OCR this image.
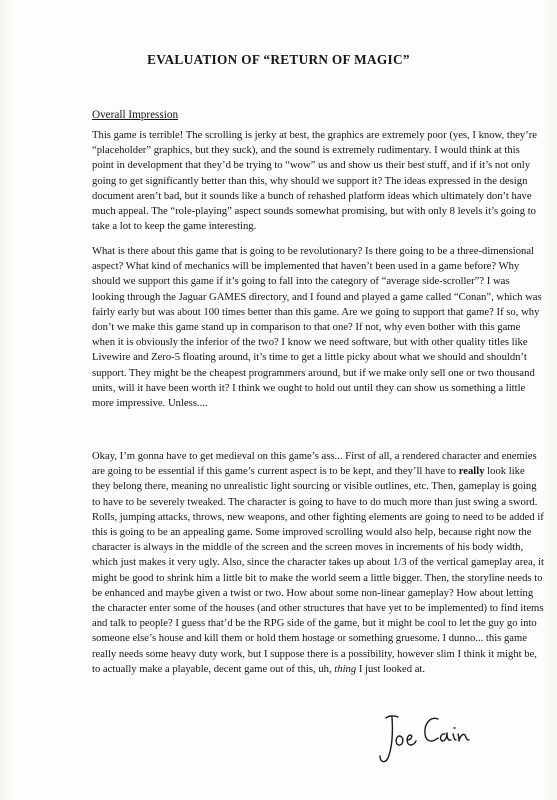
EVALUATION OF “RETURN OF MAGIC”
Overall Impression

This game is terrible! The scrolling is jerky at best, the graphics are extremely poor (yes, I know, they’re “placeholder” graphics, but they suck), and the sound is extremely rudimentary. I would think at this point in development that they’d be trying to “wow” us and show us their best stuff, and if it’s not only going to get significantly better than this, why should we support it? The ideas expressed in the design document aren’t bad, but it sounds like a bunch of rehashed platform ideas which ultimately don’t have much appeal. The “role-playing” aspect sounds somewhat promising, but with only 8 levels it’s going to take a lot to keep the game interesting.

What is there about this game that is going to be revolutionary? Is there going to be a three-dimensional aspect? What kind of mechanics will be implemented that haven’t been used in a game before? Why should we support this game if it’s going to fall into the category of “average side-scroller”? I was looking through the Jaguar GAMES directory, and I found and played a game called “Conan”, which was fairly early but was about 100 times better than this game. Are we going to support that game? If so, why don’t we make this game stand up in comparison to that one? If not, why even bother with this game when it is obviously the inferior of the two? I know we need software, but with other quality titles like Livewire and Zero-5 floating around, it’s time to get a little picky about what we should and shouldn’t support. They might be the cheapest programmers around, but if we make only sell one or two thousand units, will it have been worth it? I think we ought to hold out until they can show us something a little more impressive. Unless....

Okay, I’m gonna have to get medieval on this game’s ass... First of all, a rendered character and enemies are going to be essential if this game’s current aspect is to be kept, and they’ll have to really look like they belong there, meaning no unrealistic light sourcing or visible outlines, etc. Then, gameplay is going to have to be severely tweaked. The character is going to have to do much more than just swing a sword. Rolls, jumping attacks, throws, new weapons, and other fighting elements are going to need to be added if this is going to be an appealing game. Some improved scrolling would also help, because right now the character is always in the middle of the screen and the screen moves in increments of his body width, which just makes it very ugly. Also, since the character takes up about 1/3 of the vertical gameplay area, it might be good to shrink him a little bit to make the world seem a little bigger. Then, the storyline needs to be enhanced and maybe given a twist or two. How about some non-linear gameplay? How about letting the character enter some of the houses (and other structures that have yet to be implemented) to find items and talk to people? I guess that’d be the RPG side of the game, but it might be cool to let the guy go into someone else’s house and kill them or hold them hostage or something gruesome. I dunno... this game really needs some heavy duty work, but I suppose there is a possibility, however slim I think it might be, to actually make a playable, decent game out of this, uh, thing I just looked at.
